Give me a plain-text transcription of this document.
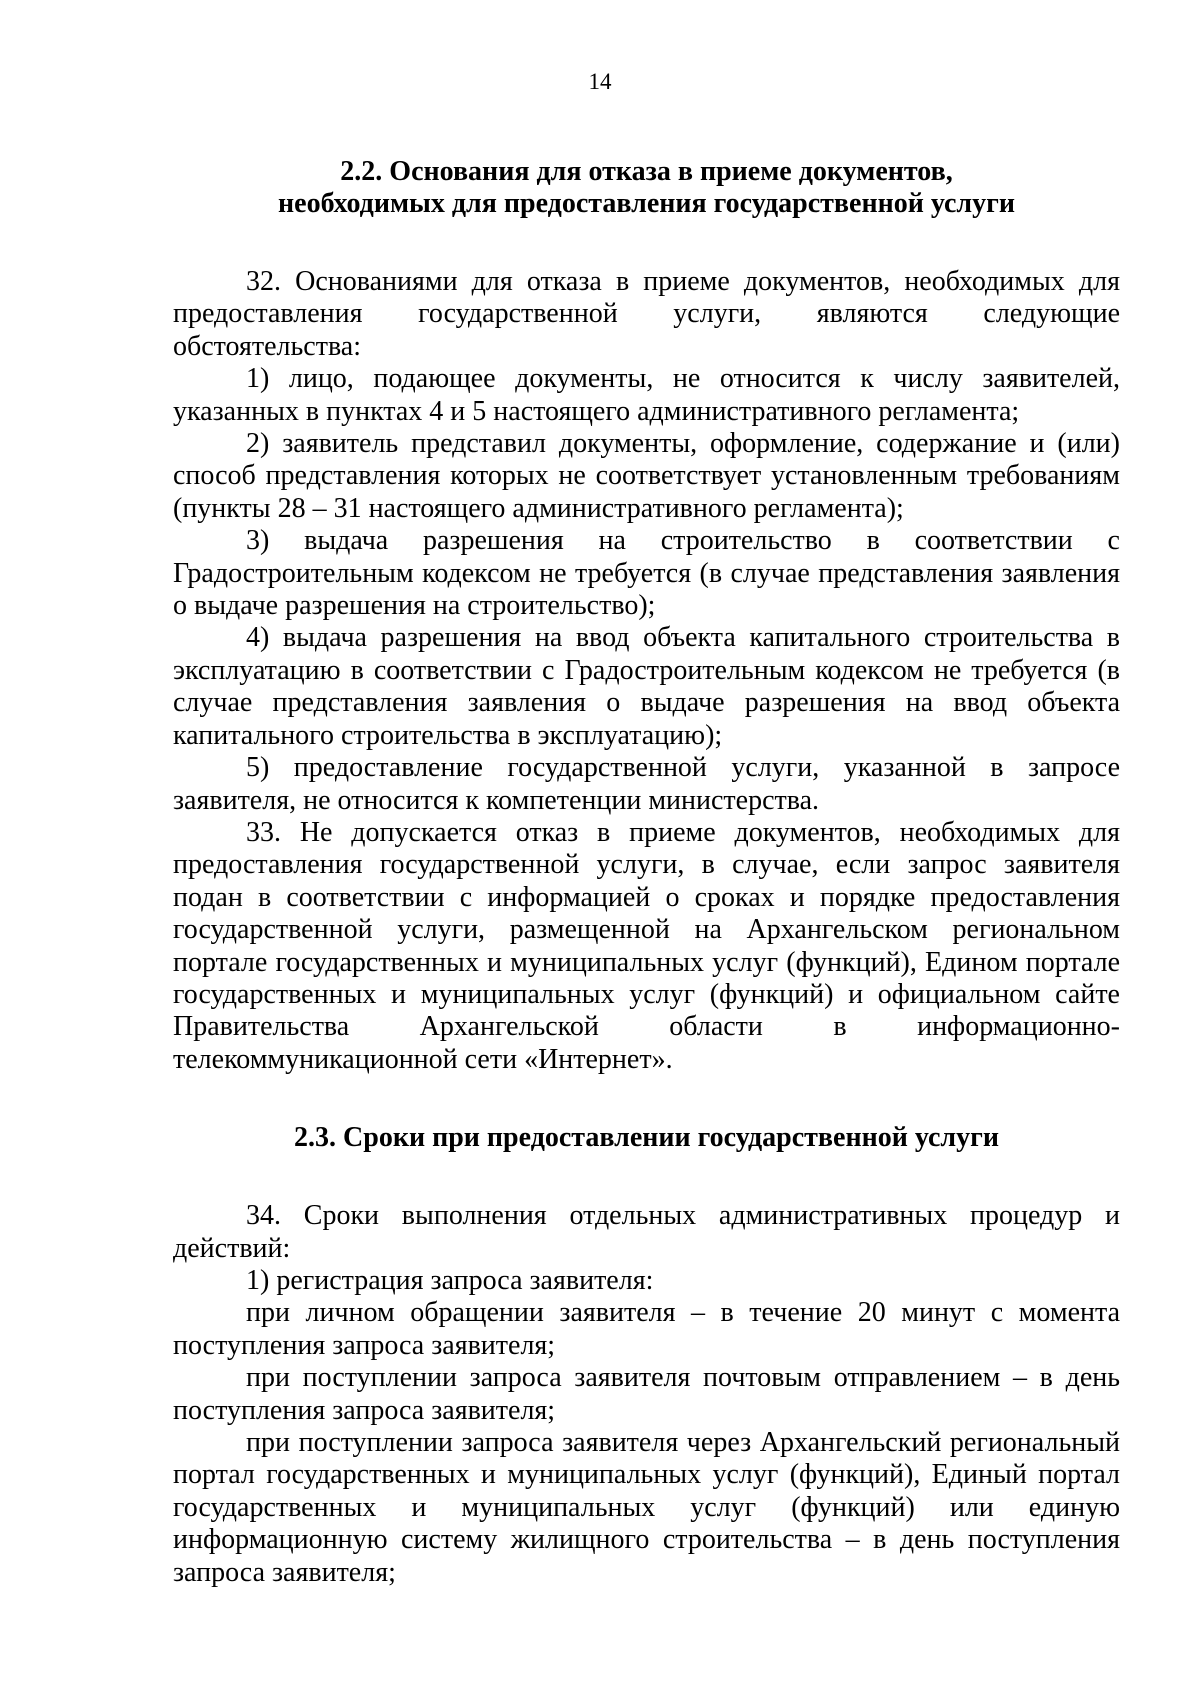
14
2.2. Основания для отказа в приеме документов,
необходимых для предоставления государственной услуги

32. Основаниями для отказа в приеме документов, необходимых для предоставления государственной услуги, являются следующие обстоятельства:

1) лицо, подающее документы, не относится к числу заявителей, указанных в пунктах 4 и 5 настоящего административного регламента;

2) заявитель представил документы, оформление, содержание и (или) способ представления которых не соответствует установленным требованиям (пункты 28 – 31 настоящего административного регламента);

3) выдача разрешения на строительство в соответствии с Градостроительным кодексом не требуется (в случае представления заявления о выдаче разрешения на строительство);

4) выдача разрешения на ввод объекта капитального строительства в эксплуатацию в соответствии с Градостроительным кодексом не требуется (в случае представления заявления о выдаче разрешения на ввод объекта капитального строительства в эксплуатацию);

5) предоставление государственной услуги, указанной в запросе заявителя, не относится к компетенции министерства.

33. Не допускается отказ в приеме документов, необходимых для предоставления государственной услуги, в случае, если запрос заявителя подан в соответствии с информацией о сроках и порядке предоставления государственной услуги, размещенной на Архангельском региональном портале государственных и муниципальных услуг (функций), Едином портале государственных и муниципальных услуг (функций) и официальном сайте Правительства Архангельской области в информационно-телекоммуникационной сети «Интернет».

2.3. Сроки при предоставлении государственной услуги

34. Сроки выполнения отдельных административных процедур и действий:

1) регистрация запроса заявителя:

при личном обращении заявителя – в течение 20 минут с момента поступления запроса заявителя;

при поступлении запроса заявителя почтовым отправлением – в день поступления запроса заявителя;

при поступлении запроса заявителя через Архангельский региональный портал государственных и муниципальных услуг (функций), Единый портал государственных и муниципальных услуг (функций) или единую информационную систему жилищного строительства – в день поступления запроса заявителя;
